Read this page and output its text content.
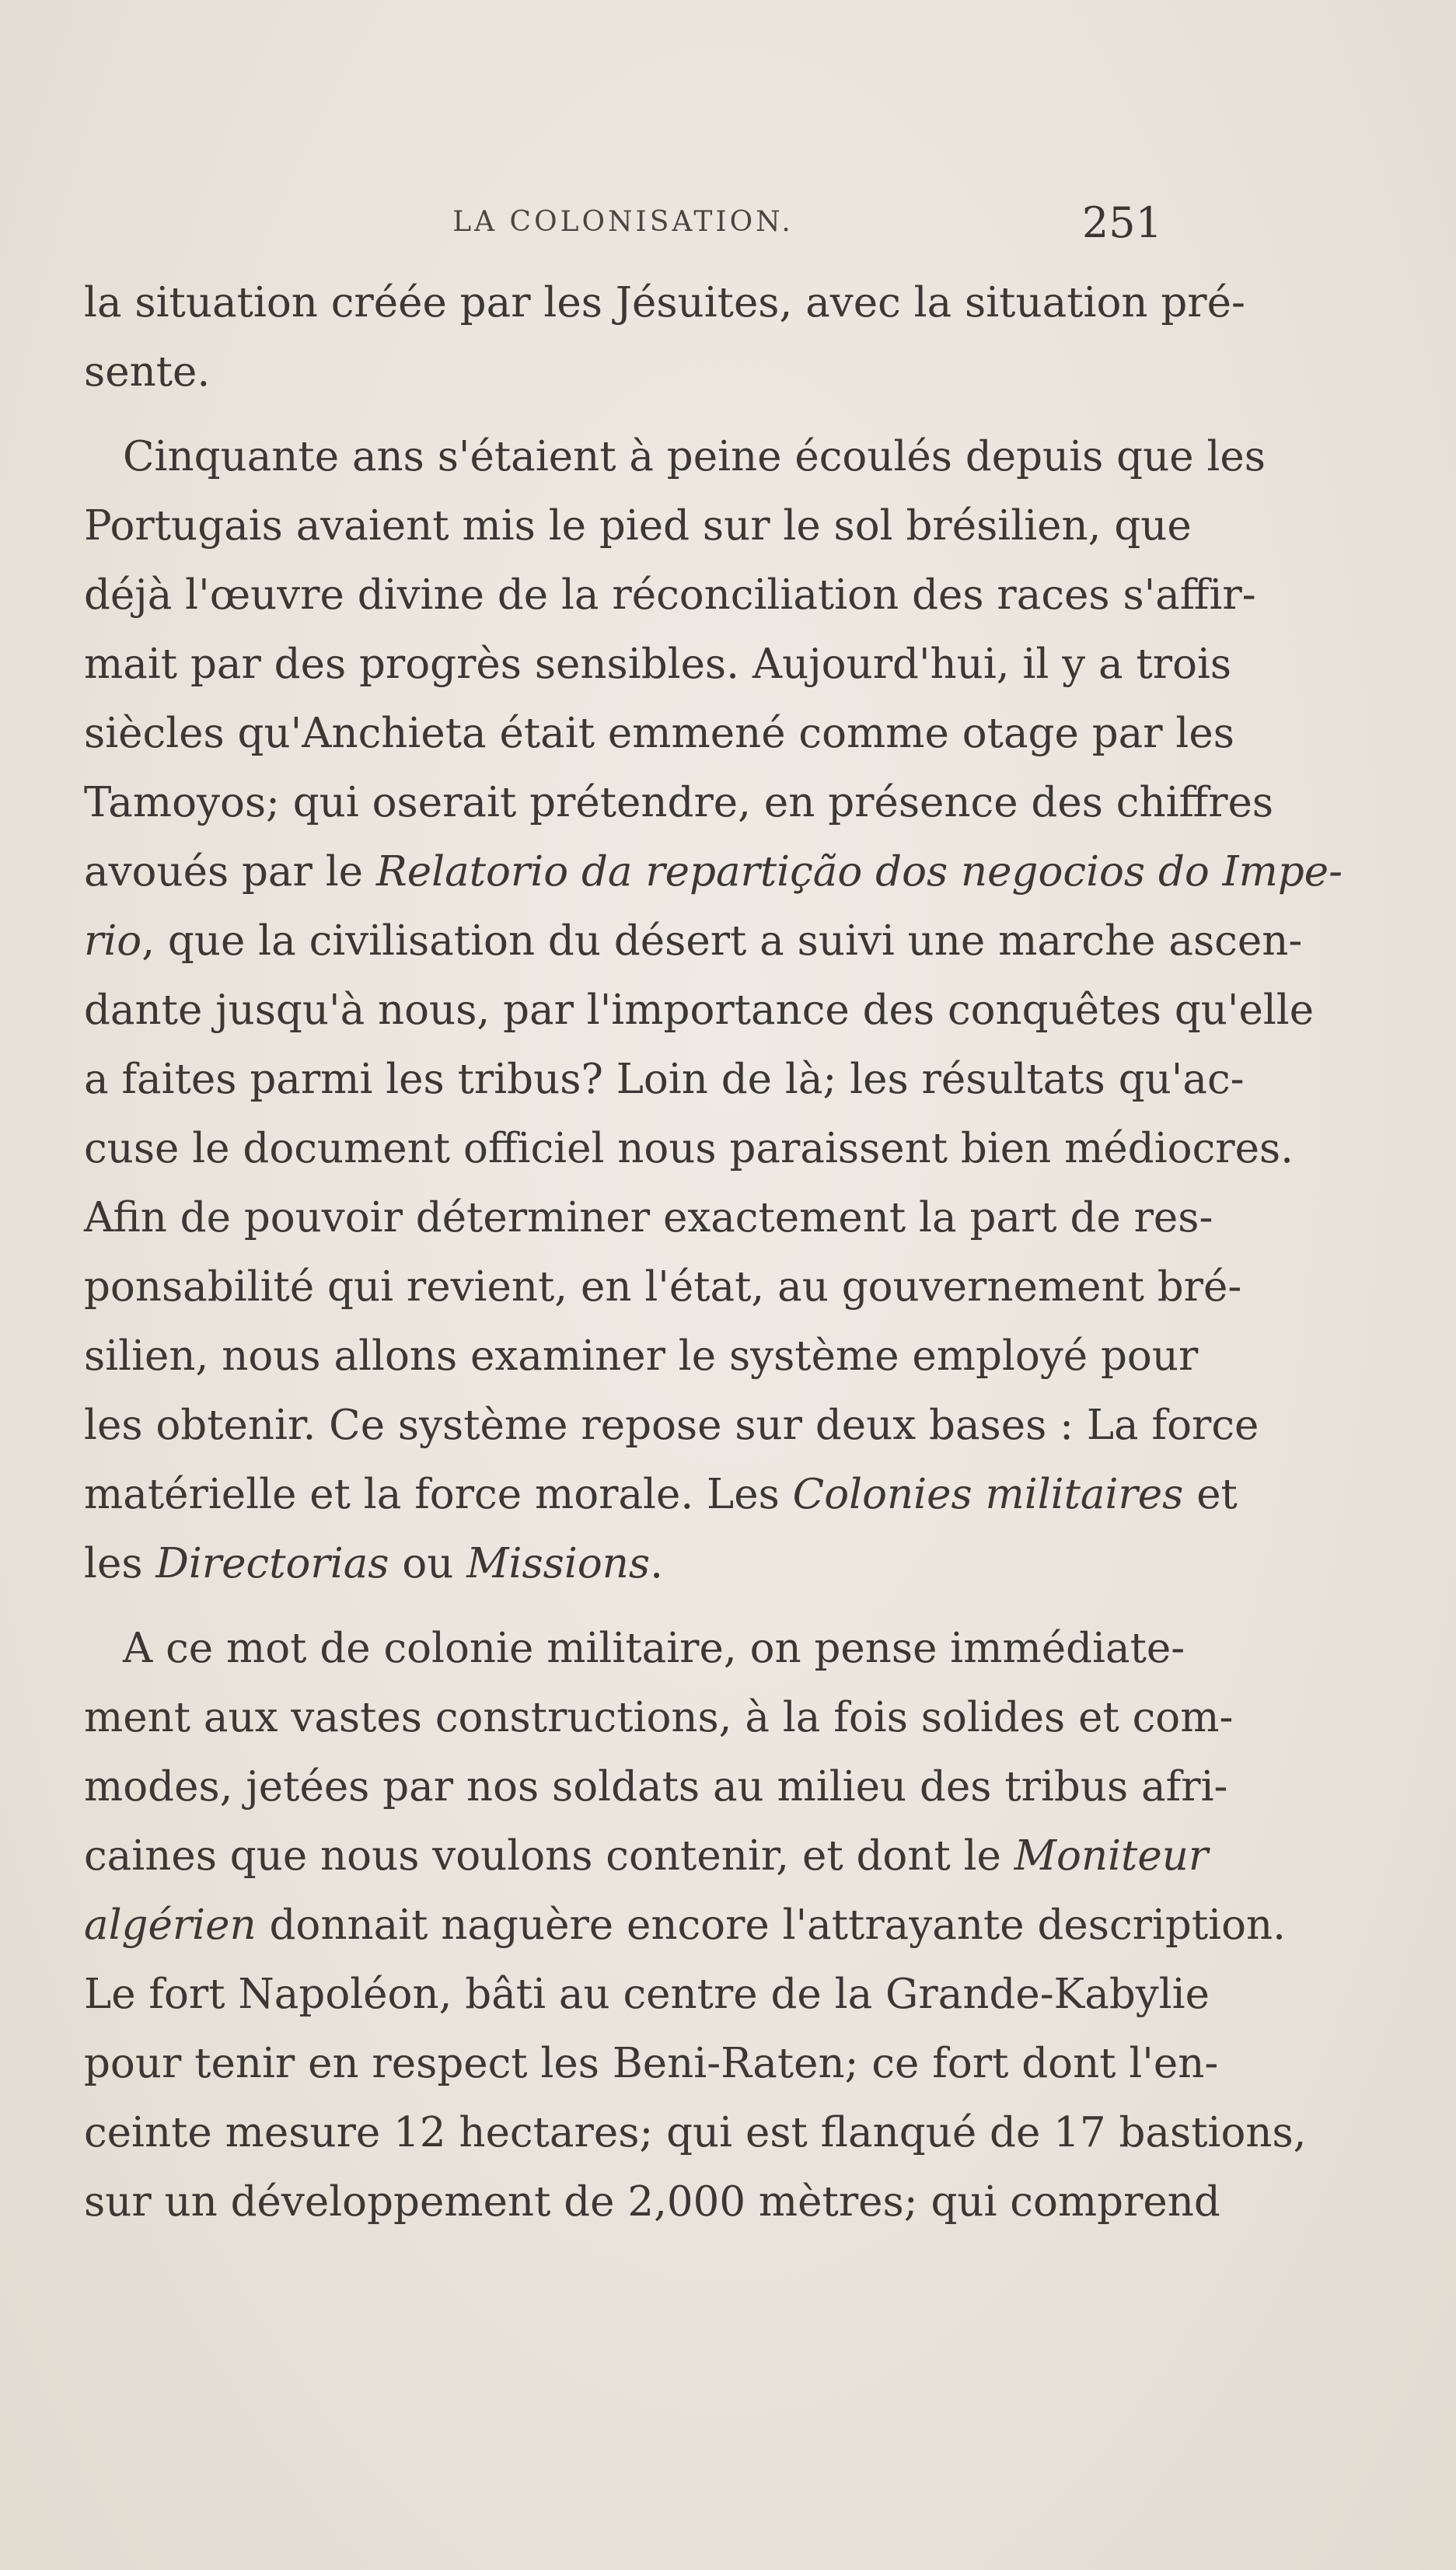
LA COLONISATION.	251
la situation créée par les Jésuites, avec la situation pré-
sente.
Cinquante ans s'étaient à peine écoulés depuis que les
Portugais avaient mis le pied sur le sol brésilien, que
déjà l'œuvre divine de la réconciliation des races s'affir-
mait par des progrès sensibles. Aujourd'hui, il y a trois
siècles qu'Anchieta était emmené comme otage par les
Tamoyos; qui oserait prétendre, en présence des chiffres
avoués par le Relatorio da repartição dos negocios do Impe-
rio, que la civilisation du désert a suivi une marche ascen-
dante jusqu'à nous, par l'importance des conquêtes qu'elle
a faites parmi les tribus? Loin de là; les résultats qu'ac-
cuse le document officiel nous paraissent bien médiocres.
Afin de pouvoir déterminer exactement la part de res-
ponsabilité qui revient, en l'état, au gouvernement bré-
silien, nous allons examiner le système employé pour
les obtenir. Ce système repose sur deux bases : La force
matérielle et la force morale. Les Colonies militaires et
les Directorias ou Missions.
A ce mot de colonie militaire, on pense immédiate-
ment aux vastes constructions, à la fois solides et com-
modes, jetées par nos soldats au milieu des tribus afri-
caines que nous voulons contenir, et dont le Moniteur
algérien donnait naguère encore l'attrayante description.
Le fort Napoléon, bâti au centre de la Grande-Kabylie
pour tenir en respect les Beni-Raten; ce fort dont l'en-
ceinte mesure 12 hectares; qui est flanqué de 17 bastions,
sur un développement de 2,000 mètres; qui comprend
